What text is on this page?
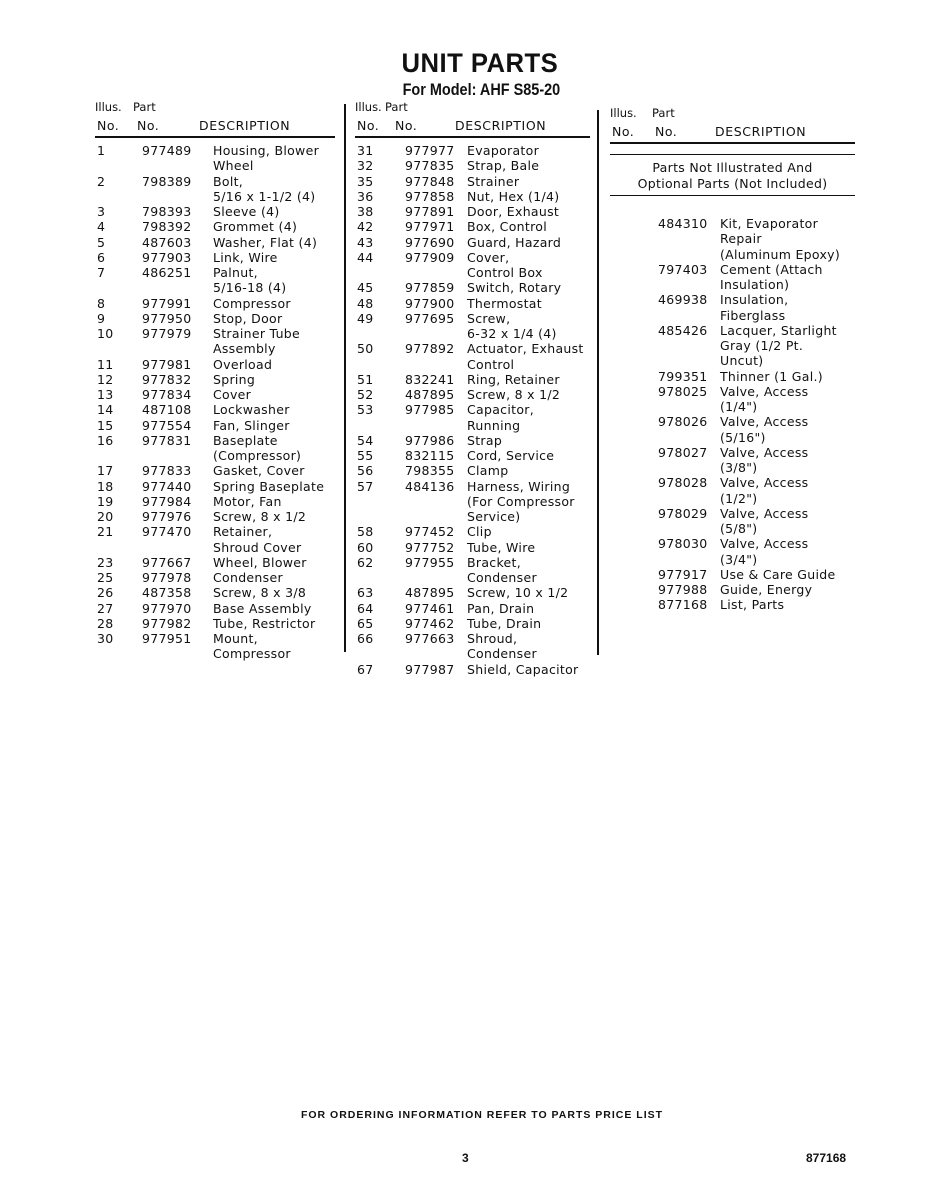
UNIT PARTS
For Model: AHF S85-20
Illus. Part
No. No.	DESCRIPTION
1	977489 Housing, Blower
Wheel
2	798389 Bolt,
5/16 x 1-1/2 (4)
3	798393 Sleeve (4)
4	798392 Grommet (4)
5	487603 Washer, Flat (4)
6	977903 Link, Wire
7	486251 Palnut,
5/16-18 (4)
8	977991 Compressor
9	977950 Stop, Door
10 977979 Strainer Tube
Assembly
11 977981 Overload
12 977832 Spring
13 977834 Cover
14 487108 Lockwasher
15 977554 Fan, Slinger
16 977831 Baseplate
(Compressor)
17 977833 Gasket, Cover
18 977440 Spring Baseplate
19 977984 Motor, Fan
20 977976 Screw, 8 x 1/2
21 977470 Retainer,
Shroud Cover
23 977667 Wheel, Blower
25 977978 Condenser
26 487358 Screw, 8 x 3/8
27 977970 Base Assembly
28 977982 Tube, Restrictor
30 977951 Mount, Compressor
Illus. Part
No. No.	DESCRIPTION
31	977977 Evaporator
32	977835 Strap, Bale
35	977848 Strainer
36	977858 Nut, Hex (1/4)
38	977891 Door, Exhaust
42	977971 Box, Control
43	977690 Guard, Hazard
44	977909 Cover,
Control Box
45	977859 Switch, Rotary
48	977900 Thermostat
49	977695 Screw,
6-32 x 1/4 (4)
50	977892 Actuator, Exhaust
Control
51	832241 Ring, Retainer
52	487895 Screw, 8 x 1/2
53	977985 Capacitor, Running
54	977986 Strap
55	832115 Cord, Service
56	798355 Clamp
57	484136 Harness, Wiring
(For Compressor
Service)
58	977452 Clip
60	977752 Tube, Wire
62	977955 Bracket,
Condenser
63	487895 Screw, 10 x 1/2
64	977461 Pan, Drain
65	977462 Tube, Drain
66	977663 Shroud, Condenser
67	977987 Shield, Capacitor
Illus. Part
No. No.	DESCRIPTION
Parts Not Illustrated And
Optional Parts (Not Included)
484310 Kit, Evaporator
Repair
(Aluminum Epoxy)
797403 Cement (Attach
Insulation)
469938 Insulation,
Fiberglass
485426 Lacquer, Starlight
Gray (1/2 Pt.
Uncut)
799351 Thinner (1 Gal.)
978025 Valve, Access
(1/4")
978026 Valve, Access
(5/16")
978027 Valve, Access
(3/8")
978028 Valve, Access
(1/2")
978029 Valve, Access
(5/8")
978030 Valve, Access
(3/4")
977917 Use & Care Guide
977988 Guide, Energy
877168 List, Parts
FOR ORDERING INFORMATION REFER TO PARTS PRICE LIST
3	877168
